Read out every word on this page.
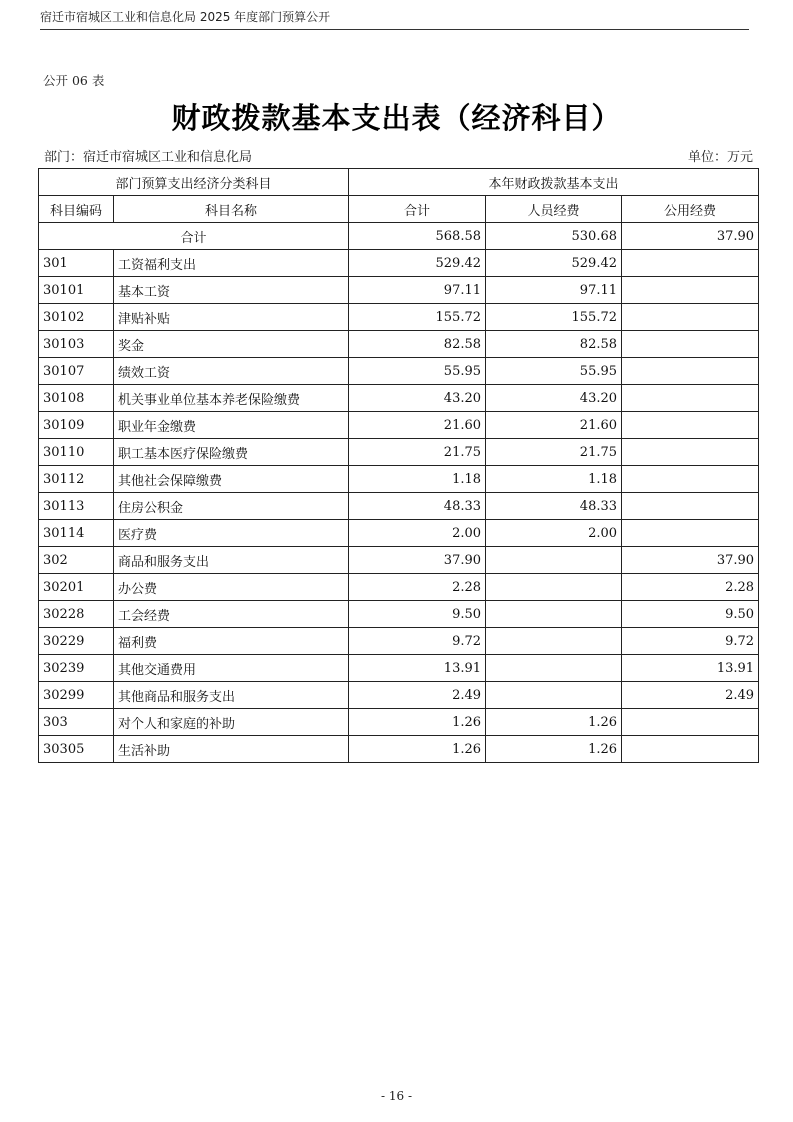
宿迁市宿城区工业和信息化局 2025 年度部门预算公开
公开 06 表
财政拨款基本支出表（经济科目）
部门：宿迁市宿城区工业和信息化局	单位：万元
部门预算支出经济分类科目		本年财政拨款基本支出		
科目编码	科目名称	合计	人员经费	公用经费
合计		568.58	530.68	37.90
301	工资福利支出	529.42	529.42	
30101	基本工资	97.11	97.11	
30102	津贴补贴	155.72	155.72	
30103	奖金	82.58	82.58	
30107	绩效工资	55.95	55.95	
30108	机关事业单位基本养老保险缴费	43.20	43.20	
30109	职业年金缴费	21.60	21.60	
30110	职工基本医疗保险缴费	21.75	21.75	
30112	其他社会保障缴费	1.18	1.18	
30113	住房公积金	48.33	48.33	
30114	医疗费	2.00	2.00	
302	商品和服务支出	37.90		37.90
30201	办公费	2.28		2.28
30228	工会经费	9.50		9.50
30229	福利费	9.72		9.72
30239	其他交通费用	13.91		13.91
30299	其他商品和服务支出	2.49		2.49
303	对个人和家庭的补助	1.26	1.26	
30305	生活补助	1.26	1.26	
- 16 -
